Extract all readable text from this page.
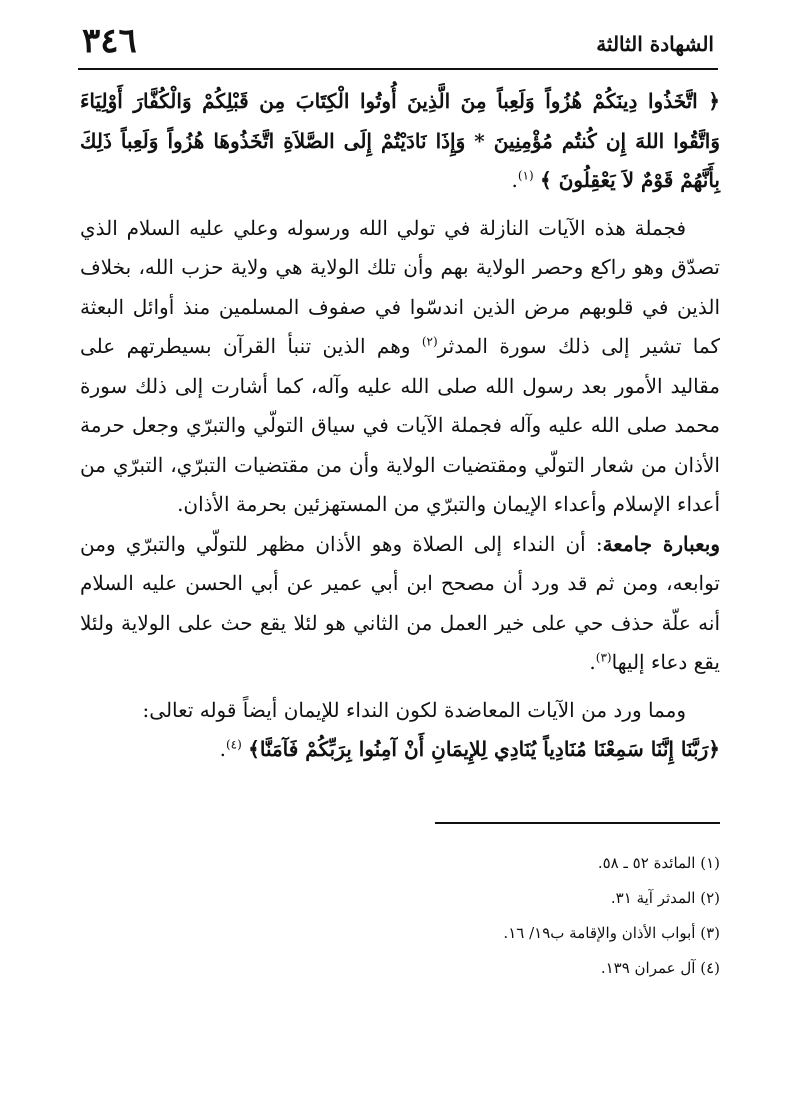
٣٤٦	الشهادة الثالثة

﴿ اتَّخَذُوا دِينَكُمْ هُزُواً وَلَعِباً مِنَ الَّذِينَ أُوتُوا الْكِتَابَ مِن قَبْلِكُمْ وَالْكُفَّارَ أَوْلِيَاءَ وَاتَّقُوا اللهَ إِن كُنتُم مُؤْمِنِينَ * وَإِذَا نَادَيْتُمْ إِلَى الصَّلاَةِ اتَّخَذُوهَا هُزُواً وَلَعِباً ذَلِكَ بِأَنَّهُمْ قَوْمٌ لاَ يَعْقِلُونَ ﴾ $^{(١)}$.

فجملة هذه الآيات النازلة في تولي الله ورسوله وعلي عليه السلام الذي تصدّق وهو راكع وحصر الولاية بهم وأن تلك الولاية هي ولاية حزب الله، بخلاف الذين في قلوبهم مرض الذين اندسّوا في صفوف المسلمين منذ أوائل البعثة كما تشير إلى ذلك سورة المدثر$^{(٢)}$ وهم الذين تنبأ القرآن بسيطرتهم على مقاليد الأمور بعد رسول الله صلى الله عليه وآله، كما أشارت إلى ذلك سورة محمد صلى الله عليه وآله فجملة الآيات في سياق التولّي والتبرّي وجعل حرمة الأذان من شعار التولّي ومقتضيات الولاية وأن من مقتضيات التبرّي، التبرّي من أعداء الإسلام وأعداء الإيمان والتبرّي من المستهزئين بحرمة الأذان.

وبعبارة جامعة: أن النداء إلى الصلاة وهو الأذان مظهر للتولّي والتبرّي ومن توابعه، ومن ثم قد ورد أن مصحح ابن أبي عمير عن أبي الحسن عليه السلام أنه علّة حذف حي على خير العمل من الثاني هو لئلا يقع حث على الولاية ولئلا يقع دعاء إليها$^{(٣)}$.

ومما ورد من الآيات المعاضدة لكون النداء للإيمان أيضاً قوله تعالى:

﴿رَبَّنَا إِنَّنَا سَمِعْنَا مُنَادِياً يُنَادِي لِلإِيمَانِ أَنْ آمِنُوا بِرَبِّكُمْ فَآمَنَّا﴾ $^{(٤)}$.

(١) المائدة ٥٢ ـ ٥٨.

(٢) المدثر آية ٣١.

(٣) أبواب الأذان والإقامة ب١٩/ ١٦.

(٤) آل عمران ١٣٩.
